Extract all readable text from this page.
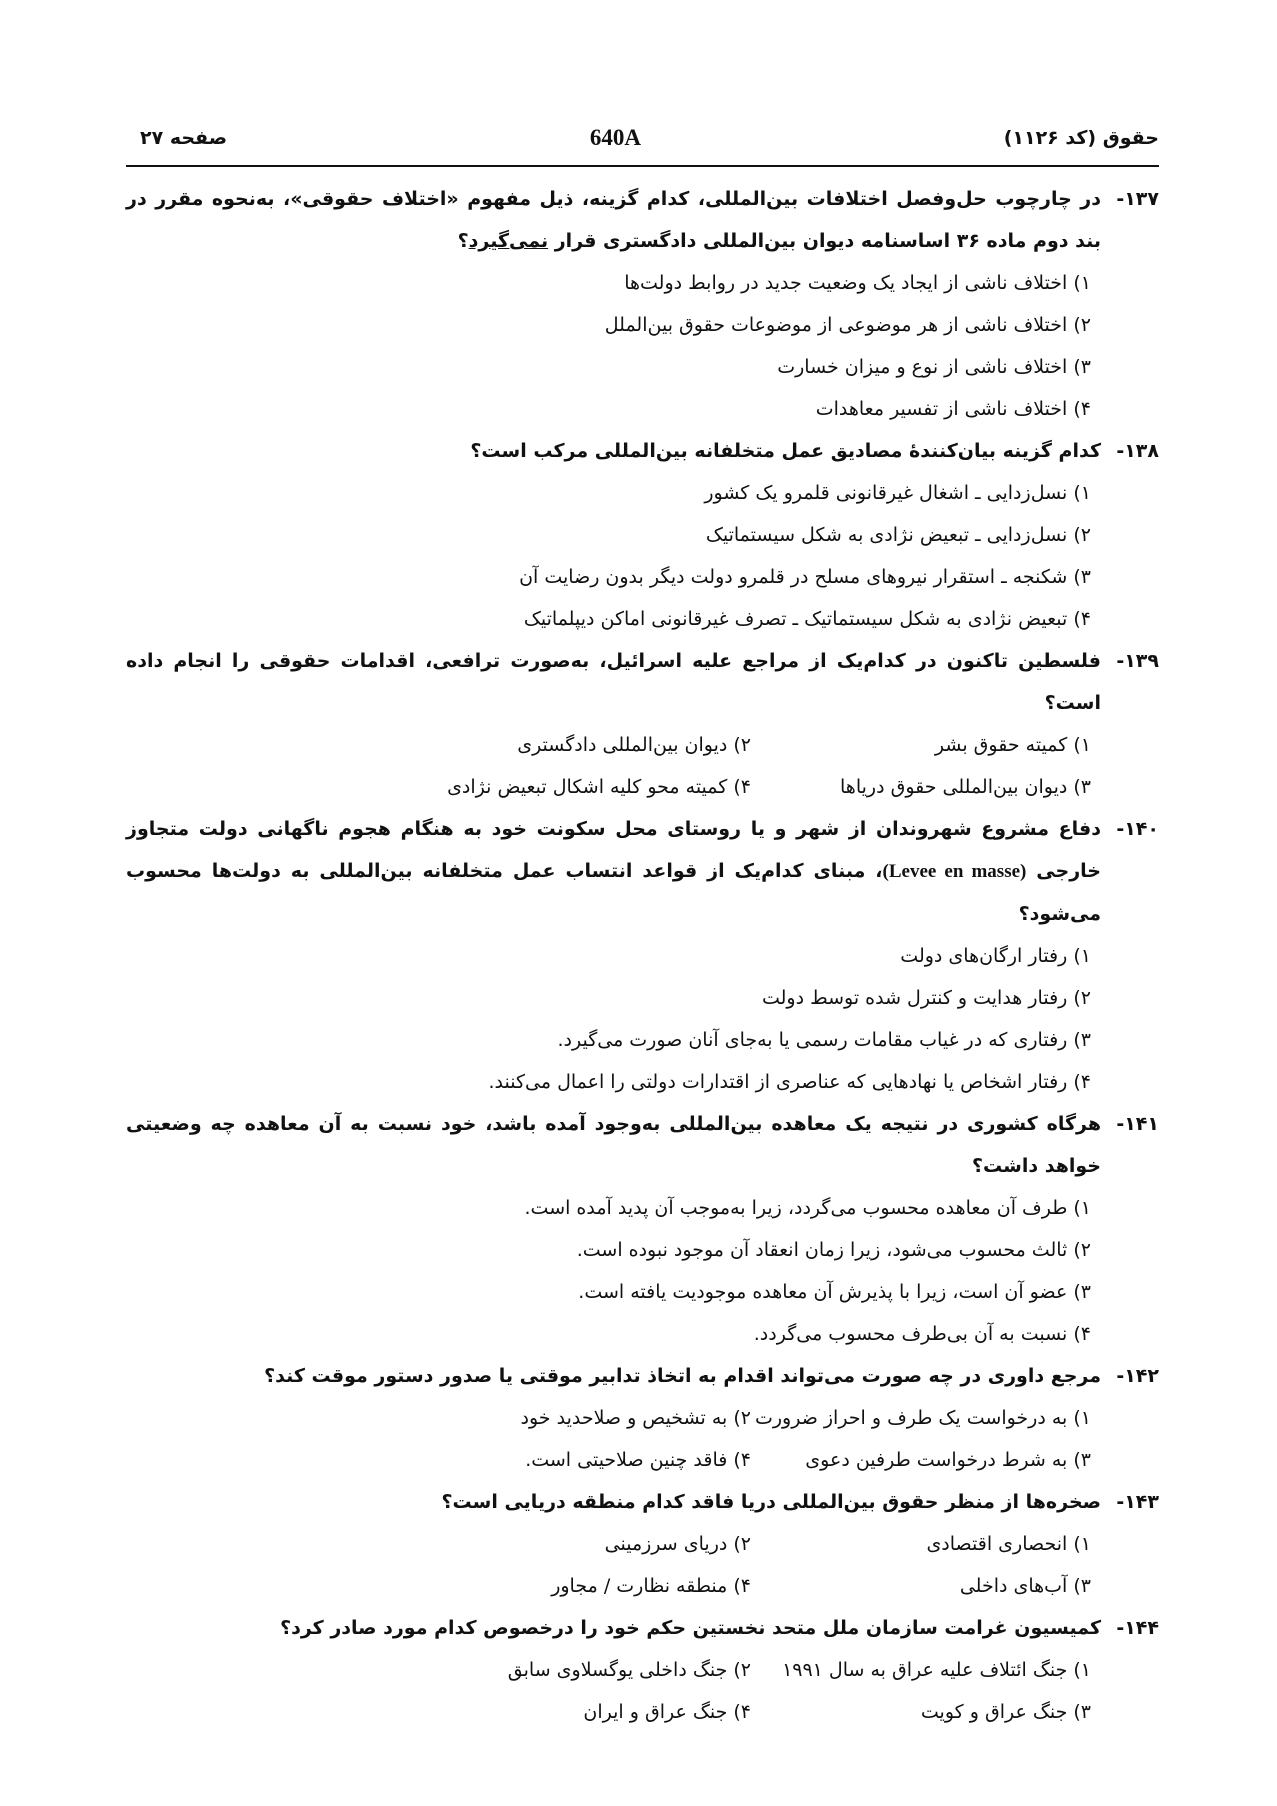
حقوق (کد ۱۱۲۶)
640A
صفحه ۲۷
۱۳۷-
در چارچوب حل‌وفصل اختلافات بین‌المللی، کدام گزینه، ذیل مفهوم «اختلاف حقوقی»، به‌نحوه مقرر در بند دوم ماده ۳۶ اساسنامه دیوان بین‌المللی دادگستری قرار نمی‌گیرد؟
۱) اختلاف ناشی از ایجاد یک وضعیت جدید در روابط دولت‌ها
۲) اختلاف ناشی از هر موضوعی از موضوعات حقوق بین‌الملل
۳) اختلاف ناشی از نوع و میزان خسارت
۴) اختلاف ناشی از تفسیر معاهدات
۱۳۸-
کدام گزینه بیان‌کنندهٔ مصادیق عمل متخلفانه بین‌المللی مرکب است؟
۱) نسل‌زدایی ـ اشغال غیرقانونی قلمرو یک کشور
۲) نسل‌زدایی ـ تبعیض نژادی به شکل سیستماتیک
۳) شکنجه ـ استقرار نیروهای مسلح در قلمرو دولت دیگر بدون رضایت آن
۴) تبعیض نژادی به شکل سیستماتیک ـ تصرف غیرقانونی اماکن دیپلماتیک
۱۳۹-
فلسطین تاکنون در کدام‌یک از مراجع علیه اسرائیل، به‌صورت ترافعی، اقدامات حقوقی را انجام داده است؟
۱) کمیته حقوق بشر
۲) دیوان بین‌المللی دادگستری
۳) دیوان بین‌المللی حقوق دریاها
۴) کمیته محو کلیه اشکال تبعیض نژادی
۱۴۰-
دفاع مشروع شهروندان از شهر و یا روستای محل سکونت خود به هنگام هجوم ناگهانی دولت متجاوز خارجی (Levee en masse)، مبنای کدام‌یک از قواعد انتساب عمل متخلفانه بین‌المللی به دولت‌ها محسوب می‌شود؟
۱) رفتار ارگان‌های دولت
۲) رفتار هدایت و کنترل شده توسط دولت
۳) رفتاری که در غیاب مقامات رسمی یا به‌جای آنان صورت می‌گیرد.
۴) رفتار اشخاص یا نهادهایی که عناصری از اقتدارات دولتی را اعمال می‌کنند.
۱۴۱-
هرگاه کشوری در نتیجه یک معاهده بین‌المللی به‌وجود آمده باشد، خود نسبت به آن معاهده چه وضعیتی خواهد داشت؟
۱) طرف آن معاهده محسوب می‌گردد، زیرا به‌موجب آن پدید آمده است.
۲) ثالث محسوب می‌شود، زیرا زمان انعقاد آن موجود نبوده است.
۳) عضو آن است، زیرا با پذیرش آن معاهده موجودیت یافته است.
۴) نسبت به آن بی‌طرف محسوب می‌گردد.
۱۴۲-
مرجع داوری در چه صورت می‌تواند اقدام به اتخاذ تدابیر موقتی یا صدور دستور موقت کند؟
۱) به درخواست یک طرف و احراز ضرورت
۲) به تشخیص و صلاحدید خود
۳) به شرط درخواست طرفین دعوی
۴) فاقد چنین صلاحیتی است.
۱۴۳-
صخره‌ها از منظر حقوق بین‌المللی دریا فاقد کدام منطقه دریایی است؟
۱) انحصاری اقتصادی
۲) دریای سرزمینی
۳) آب‌های داخلی
۴) منطقه نظارت / مجاور
۱۴۴-
کمیسیون غرامت سازمان ملل متحد نخستین حکم خود را درخصوص کدام مورد صادر کرد؟
۱) جنگ ائتلاف علیه عراق به سال ۱۹۹۱
۲) جنگ داخلی یوگسلاوی سابق
۳) جنگ عراق و کویت
۴) جنگ عراق و ایران
